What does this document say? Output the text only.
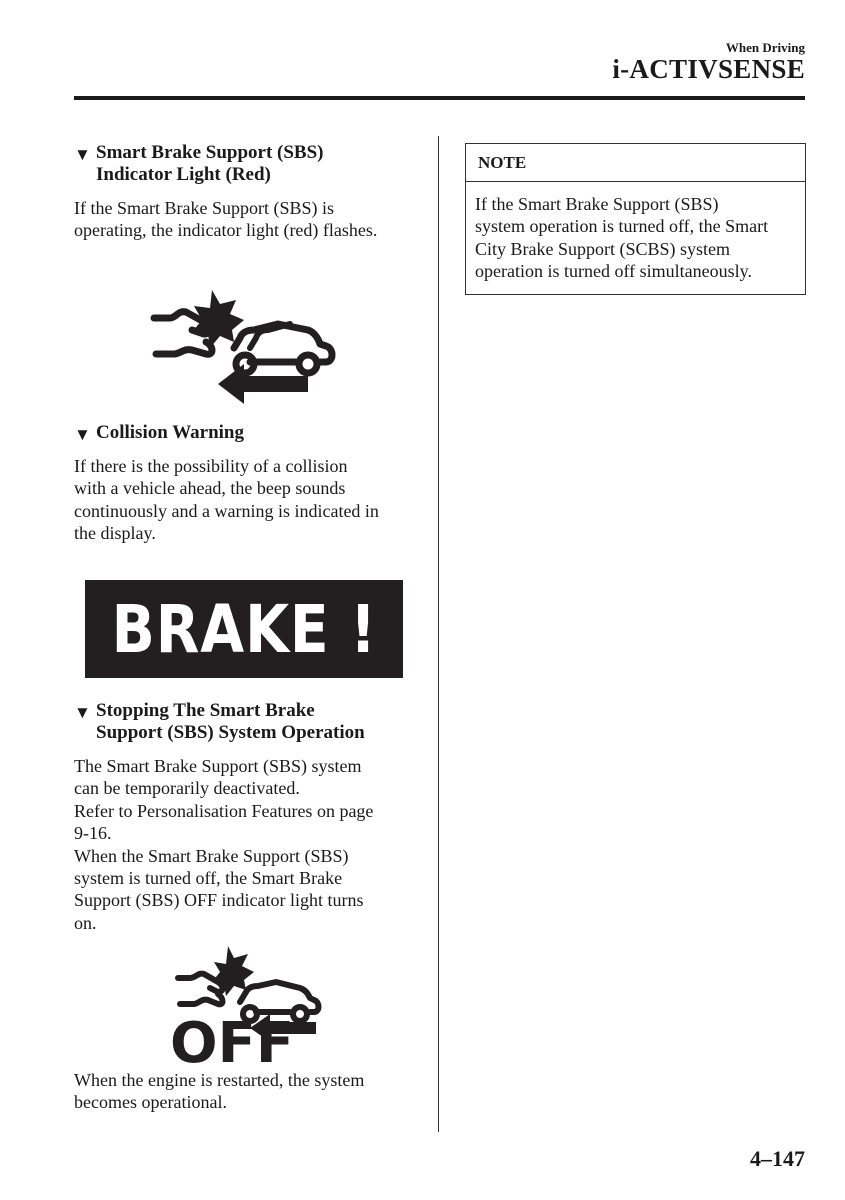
When Driving
i-ACTIVSENSE

▼ Smart Brake Support (SBS)
Indicator Light (Red)

If the Smart Brake Support (SBS) is
operating, the indicator light (red) flashes.

▼ Collision Warning

If there is the possibility of a collision
with a vehicle ahead, the beep sounds
continuously and a warning is indicated in
the display.

▼ Stopping The Smart Brake
Support (SBS) System Operation

The Smart Brake Support (SBS) system
can be temporarily deactivated.
Refer to Personalisation Features on page
9-16.
When the Smart Brake Support (SBS)
system is turned off, the Smart Brake
Support (SBS) OFF indicator light turns
on.

When the engine is restarted, the system
becomes operational.

BRAKE !
OFF
NOTE
If the Smart Brake Support (SBS)
system operation is turned off, the Smart
City Brake Support (SCBS) system
operation is turned off simultaneously.
4–147
